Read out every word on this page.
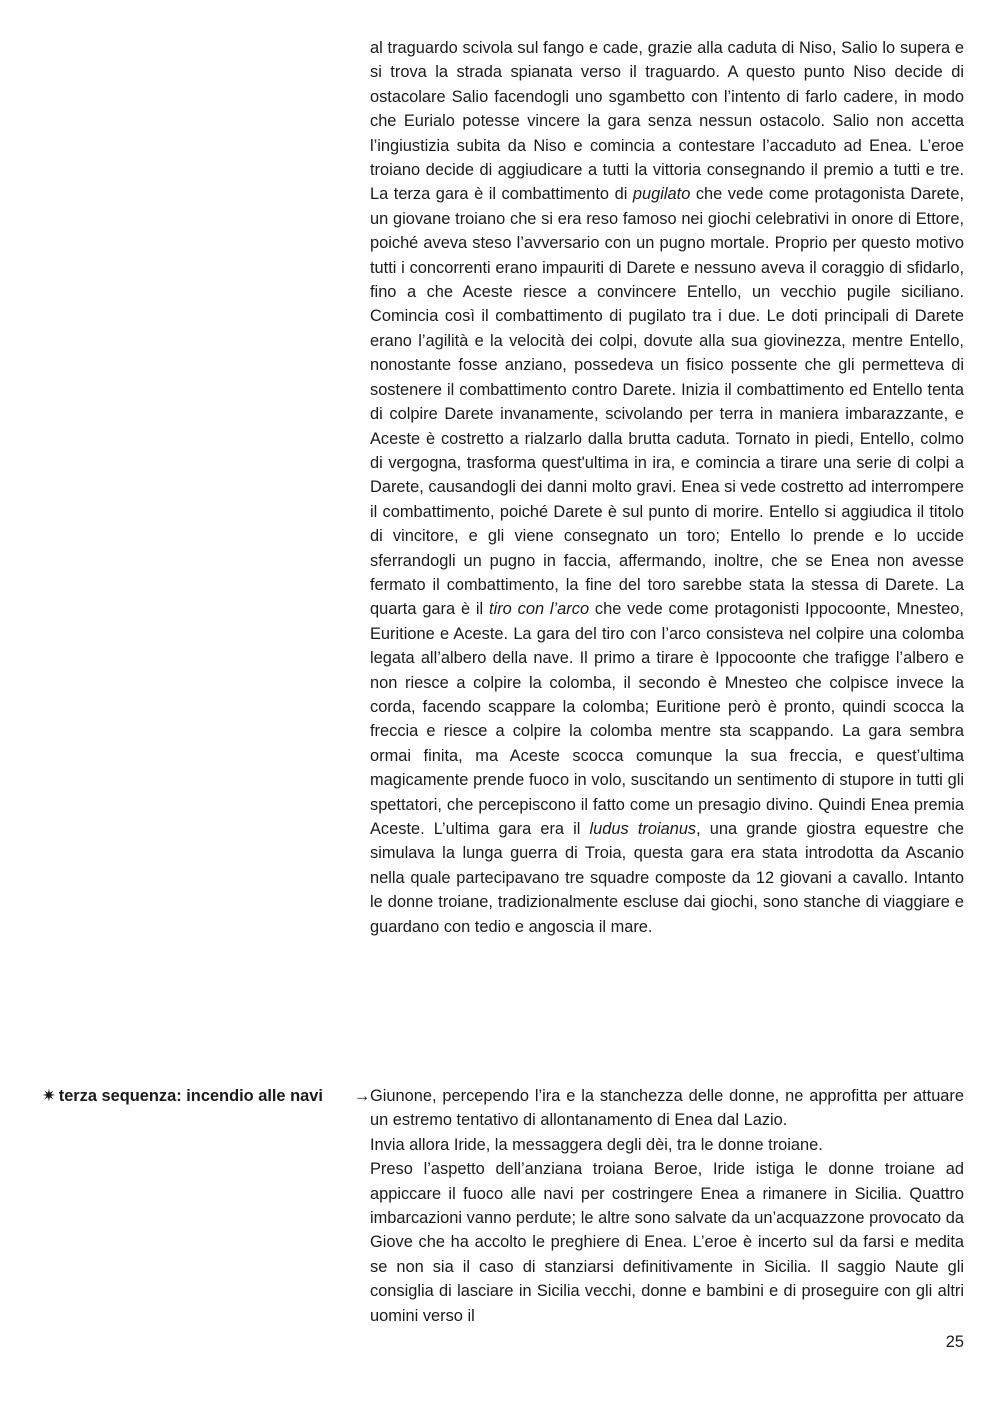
al traguardo scivola sul fango e cade, grazie alla caduta di Niso, Salio lo supera e si trova la strada spianata verso il traguardo. A questo punto Niso decide di ostacolare Salio facendogli uno sgambetto con l’intento di farlo cadere, in modo che Eurialo potesse vincere la gara senza nessun ostacolo. Salio non accetta l’ingiustizia subita da Niso e comincia a contestare l’accaduto ad Enea. L’eroe troiano decide di aggiudicare a tutti la vittoria consegnando il premio a tutti e tre. La terza gara è il combattimento di pugilato che vede come protagonista Darete, un giovane troiano che si era reso famoso nei giochi celebrativi in onore di Ettore, poiché aveva steso l’avversario con un pugno mortale. Proprio per questo motivo tutti i concorrenti erano impauriti di Darete e nessuno aveva il coraggio di sfidarlo, fino a che Aceste riesce a convincere Entello, un vecchio pugile siciliano. Comincia così il combattimento di pugilato tra i due. Le doti principali di Darete erano l’agilità e la velocità dei colpi, dovute alla sua giovinezza, mentre Entello, nonostante fosse anziano, possedeva un fisico possente che gli permetteva di sostenere il combattimento contro Darete. Inizia il combattimento ed Entello tenta di colpire Darete invanamente, scivolando per terra in maniera imbarazzante, e Aceste è costretto a rialzarlo dalla brutta caduta. Tornato in piedi, Entello, colmo di vergogna, trasforma quest'ultima in ira, e comincia a tirare una serie di colpi a Darete, causandogli dei danni molto gravi. Enea si vede costretto ad interrompere il combattimento, poiché Darete è sul punto di morire. Entello si aggiudica il titolo di vincitore, e gli viene consegnato un toro; Entello lo prende e lo uccide sferrandogli un pugno in faccia, affermando, inoltre, che se Enea non avesse fermato il combattimento, la fine del toro sarebbe stata la stessa di Darete. La quarta gara è il tiro con l’arco che vede come protagonisti Ippocoonte, Mnesteo, Euritione e Aceste. La gara del tiro con l’arco consisteva nel colpire una colomba legata all’albero della nave. Il primo a tirare è Ippocoonte che trafigge l’albero e non riesce a colpire la colomba, il secondo è Mnesteo che colpisce invece la corda, facendo scappare la colomba; Euritione però è pronto, quindi scocca la freccia e riesce a colpire la colomba mentre sta scappando. La gara sembra ormai finita, ma Aceste scocca comunque la sua freccia, e quest’ultima magicamente prende fuoco in volo, suscitando un sentimento di stupore in tutti gli spettatori, che percepiscono il fatto come un presagio divino. Quindi Enea premia Aceste. L’ultima gara era il ludus troianus, una grande giostra equestre che simulava la lunga guerra di Troia, questa gara era stata introdotta da Ascanio nella quale partecipavano tre squadre composte da 12 giovani a cavallo. Intanto le donne troiane, tradizionalmente escluse dai giochi, sono stanche di viaggiare e guardano con tedio e angoscia il mare.

✷ terza sequenza: incendio alle navi → Giunone, percependo l’ira e la stanchezza delle donne, ne approfitta per attuare un estremo tentativo di allontanamento di Enea dal Lazio.

Invia allora Iride, la messaggera degli dèi, tra le donne troiane.

Preso l’aspetto dell’anziana troiana Beroe, Iride istiga le donne troiane ad appiccare il fuoco alle navi per costringere Enea a rimanere in Sicilia. Quattro imbarcazioni vanno perdute; le altre sono salvate da un’acquazzone provocato da Giove che ha accolto le preghiere di Enea. L’eroe è incerto sul da farsi e medita se non sia il caso di stanziarsi definitivamente in Sicilia. Il saggio Naute gli consiglia di lasciare in Sicilia vecchi, donne e bambini e di proseguire con gli altri uomini verso il

25
